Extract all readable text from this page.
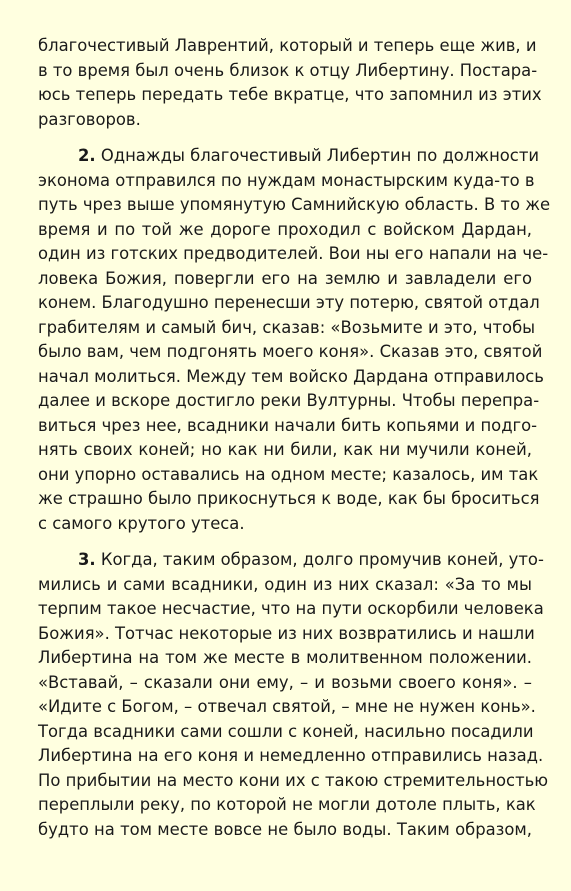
благочестивый Лаврентий, который и теперь еще жив, и
в то время был очень близок к отцу Либертину. Постара-
юсь теперь передать тебе вкратце, что запомнил из этих
разговоров.
2. Однажды благочестивый Либертин по должности
эконома отправился по нуждам монастырским куда-то в
путь чрез выше упомянутую Самнийскую область. В то же
время и по той же дороге проходил с войском Дардан,
один из готских предводителей. Вои ны его напали на че-
ловека Божия, повергли его на землю и завладели его
конем. Благодушно перенесши эту потерю, святой отдал
грабителям и самый бич, сказав: «Возьмите и это, чтобы
было вам, чем подгонять моего коня». Сказав это, святой
начал молиться. Между тем войско Дардана отправилось
далее и вскоре достигло реки Вултурны. Чтобы перепра-
виться чрез нее, всадники начали бить копьями и подго-
нять своих коней; но как ни били, как ни мучили коней,
они упорно оставались на одном месте; казалось, им так
же страшно было прикоснуться к воде, как бы броситься
с самого крутого утеса.
3. Когда, таким образом, долго промучив коней, уто-
мились и сами всадники, один из них сказал: «За то мы
терпим такое несчастие, что на пути оскорбили человека
Божия». Тотчас некоторые из них возвратились и нашли
Либертина на том же месте в молитвенном положении.
«Вставай, – сказали они ему, – и возьми своего коня». –
«Идите с Богом, – отвечал святой, – мне не нужен конь».
Тогда всадники сами сошли с коней, насильно посадили
Либертина на его коня и немедленно отправились назад.
По прибытии на место кони их с такою стремительностью
переплыли реку, по которой не могли дотоле плыть, как
будто на том месте вовсе не было воды. Таким образом,
